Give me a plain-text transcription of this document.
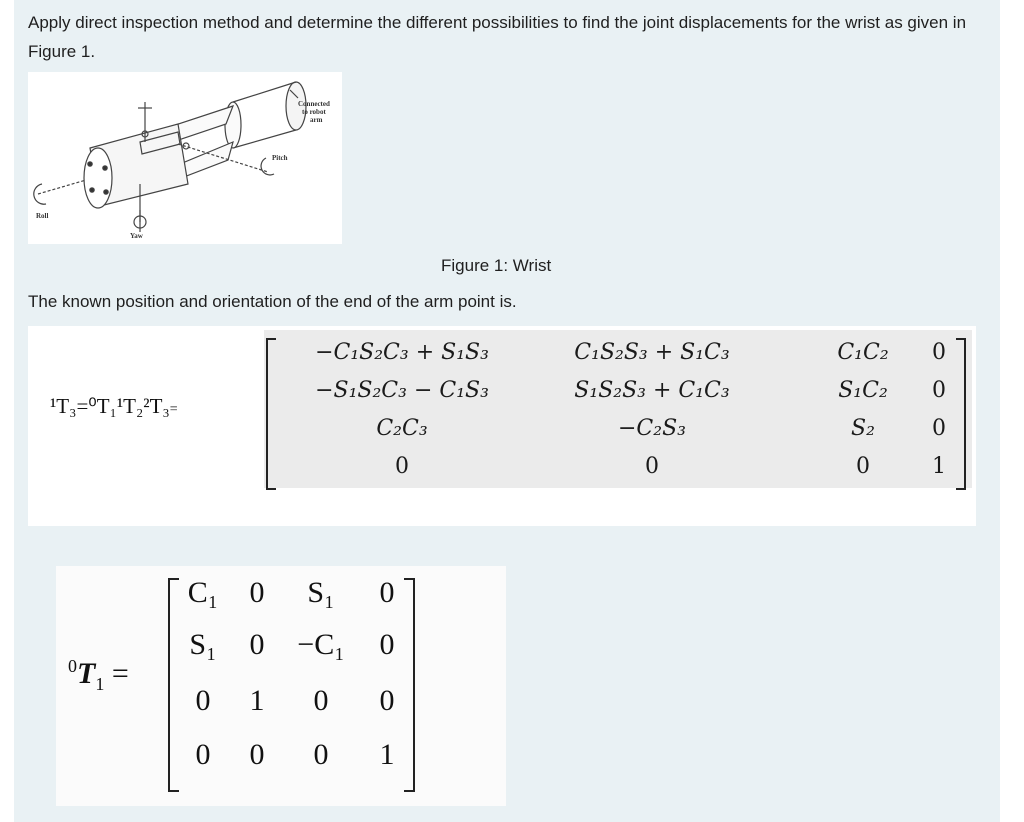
Apply direct inspection method and determine the different possibilities to find the joint displacements for the wrist as given in Figure 1.
Connected
to robot
arm
Pitch
Roll
Yaw
Figure 1: Wrist
The known position and orientation of the end of the arm point is.
¹T₃=⁰T₁¹T₂²T₃=
−C₁S₂C₃ + S₁S₃	C₁S₂S₃ + S₁C₃	C₁C₂	0
−S₁S₂C₃ − C₁S₃	S₁S₂S₃ + C₁C₃	S₁C₂	0
C₂C₃	−C₂S₃	S₂	0
0	0	0	1
$^0T_1$ =
C₁	0	S₁	0
S₁	0	−C₁	0
0	1	0	0
0	0	0	1
